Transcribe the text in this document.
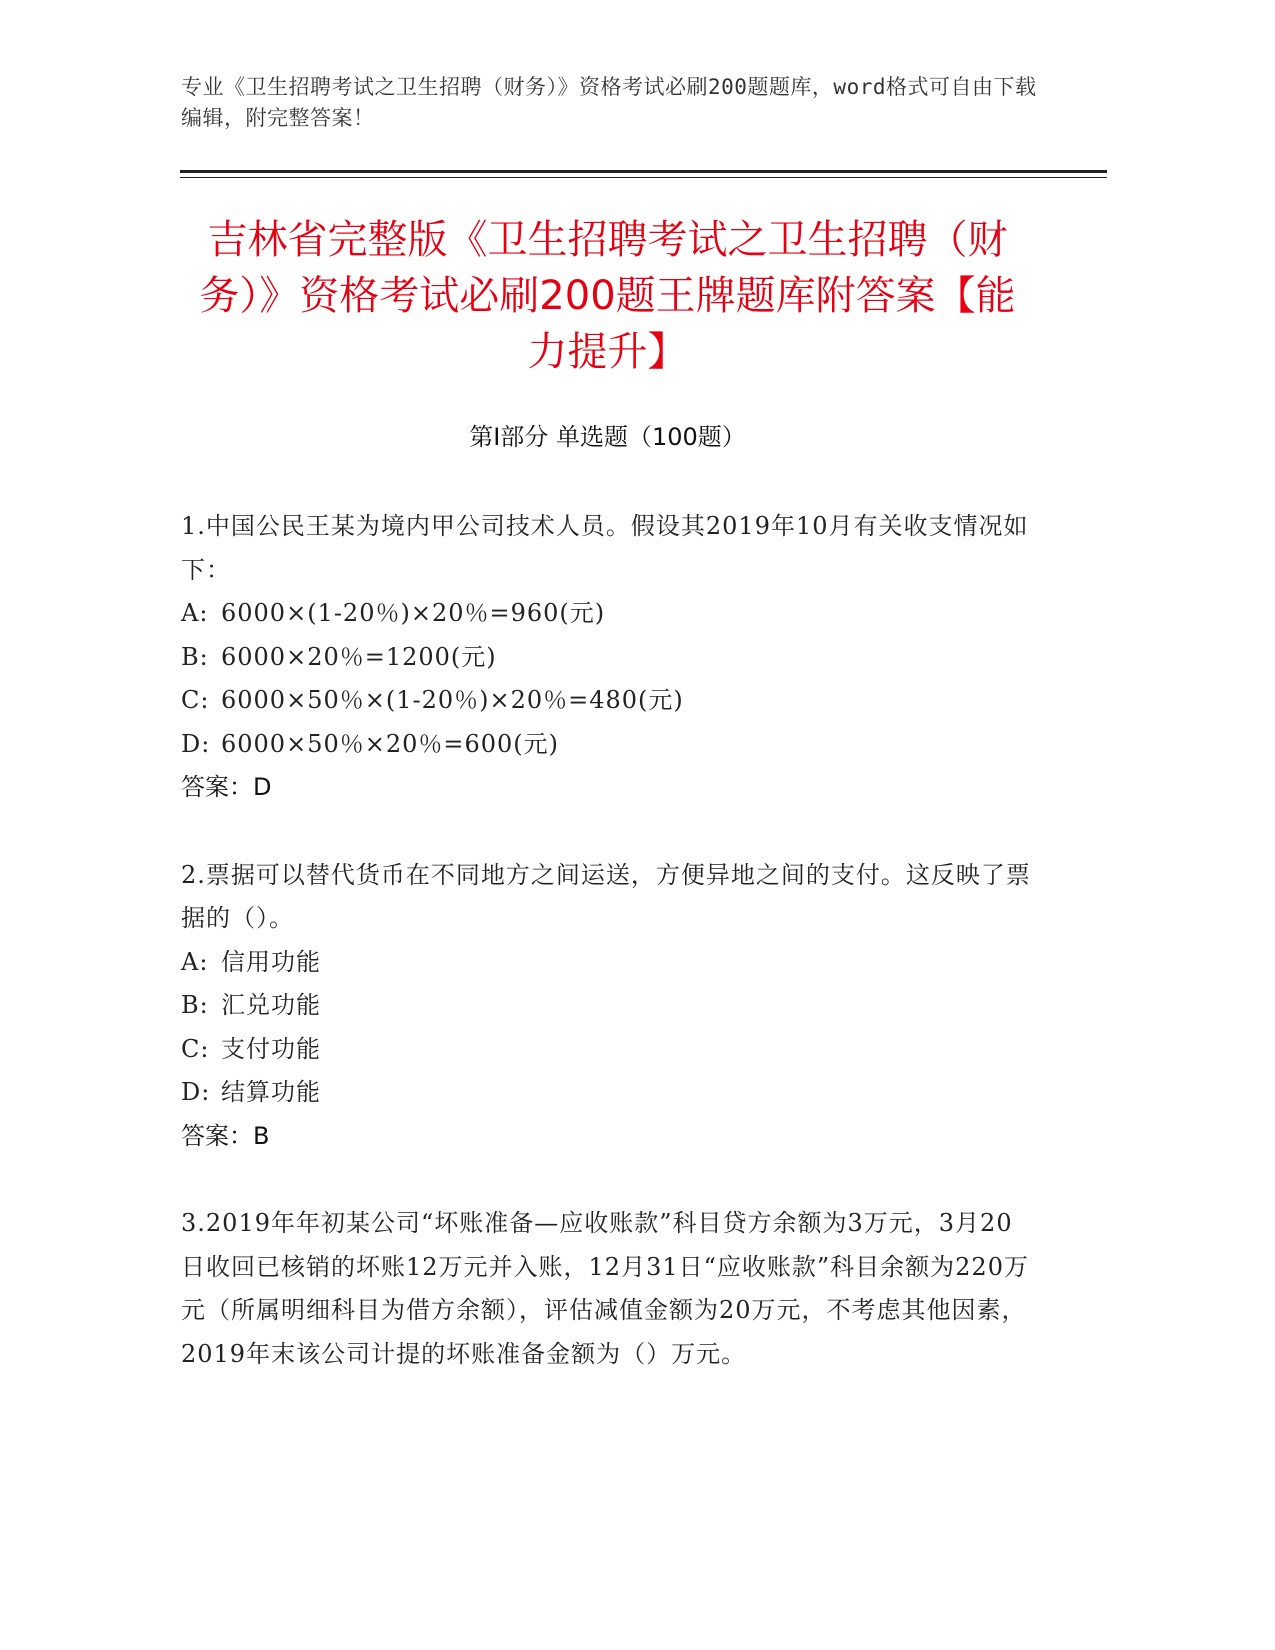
专业《卫生招聘考试之卫生招聘（财务）》资格考试必刷200题题库，word格式可自由下载编辑，附完整答案！
吉林省完整版《卫生招聘考试之卫生招聘（财务）》资格考试必刷200题王牌题库附答案【能力提升】
第I部分 单选题（100题）
1.中国公民王某为境内甲公司技术人员。假设其2019年10月有关收支情况如下：
A: 6000×(1-20％)×20％=960(元)
B: 6000×20％=1200(元)
C: 6000×50％×(1-20％)×20％=480(元)
D: 6000×50％×20％=600(元)
答案：D
2.票据可以替代货币在不同地方之间运送，方便异地之间的支付。这反映了票据的（）。
A: 信用功能
B: 汇兑功能
C: 支付功能
D: 结算功能
答案：B
3.2019年年初某公司“坏账准备—应收账款”科目贷方余额为3万元，3月20日收回已核销的坏账12万元并入账，12月31日“应收账款”科目余额为220万元（所属明细科目为借方余额），评估减值金额为20万元，不考虑其他因素，2019年末该公司计提的坏账准备金额为（）万元。
